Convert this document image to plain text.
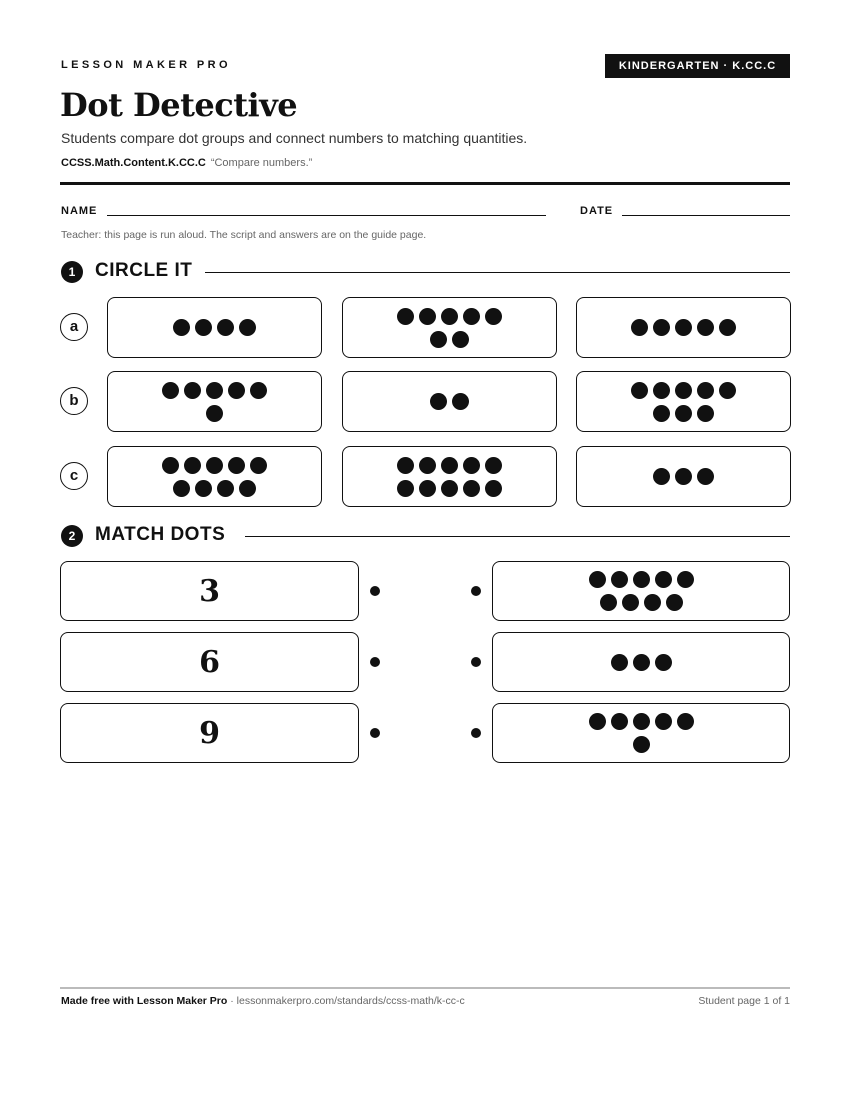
LESSON MAKER PRO	KINDERGARTEN · K.CC.C
Dot Detective
Students compare dot groups and connect numbers to matching quantities.
CCSS.Math.Content.K.CC.C “Compare numbers.”
NAME	DATE
Teacher: this page is run aloud. The script and answers are on the guide page.
1	CIRCLE IT
a
b
c
2	MATCH DOTS
3
6
9
Made free with Lesson Maker Pro · lessonmakerpro.com/standards/ccss-math/k-cc-c	Student page 1 of 1
